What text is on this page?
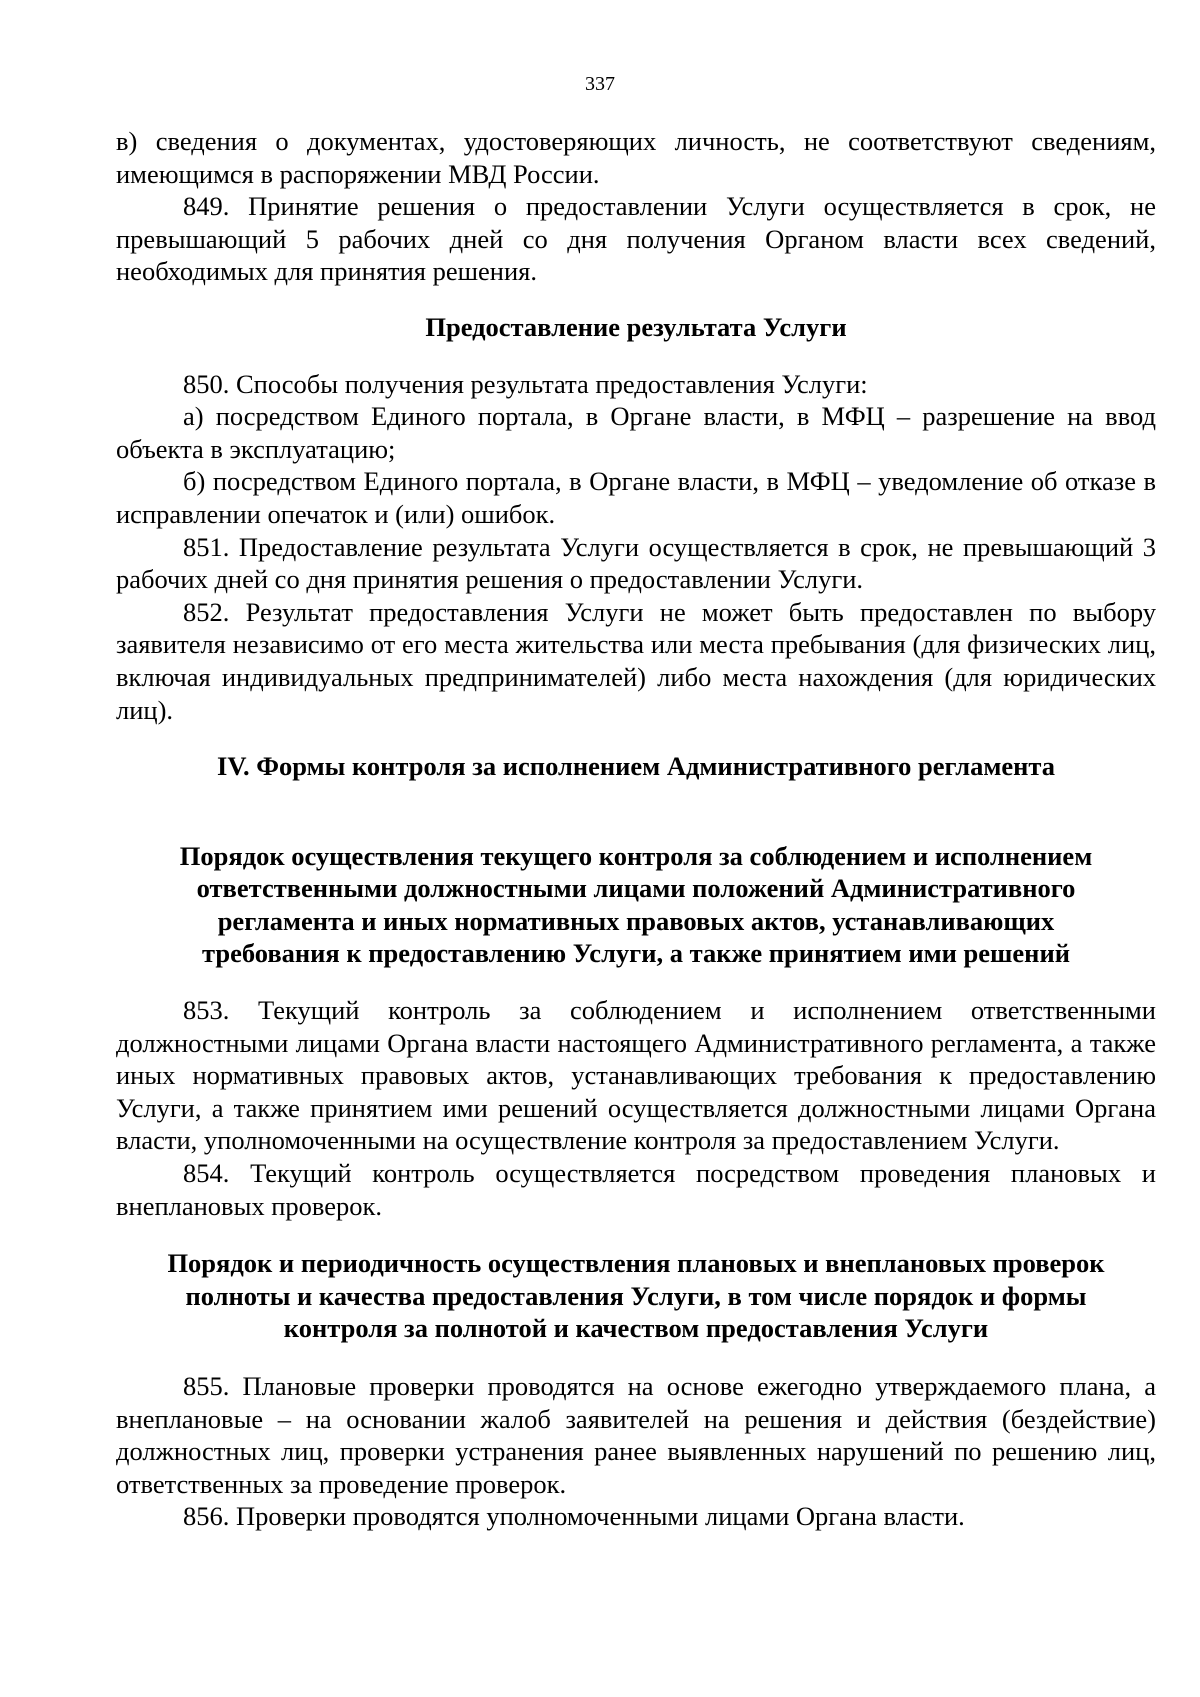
337

в) сведения о документах, удостоверяющих личность, не соответствуют сведениям, имеющимся в распоряжении МВД России.

849. Принятие решения о предоставлении Услуги осуществляется в срок, не превышающий 5 рабочих дней со дня получения Органом власти всех сведений, необходимых для принятия решения.

Предоставление результата Услуги

850. Способы получения результата предоставления Услуги:

а) посредством Единого портала, в Органе власти, в МФЦ – разрешение на ввод объекта в эксплуатацию;

б) посредством Единого портала, в Органе власти, в МФЦ – уведомление об отказе в исправлении опечаток и (или) ошибок.

851. Предоставление результата Услуги осуществляется в срок, не превышающий 3 рабочих дней со дня принятия решения о предоставлении Услуги.

852. Результат предоставления Услуги не может быть предоставлен по выбору заявителя независимо от его места жительства или места пребывания (для физических лиц, включая индивидуальных предпринимателей) либо места нахождения (для юридических лиц).

IV. Формы контроля за исполнением Административного регламента
Порядок осуществления текущего контроля за соблюдением и исполнением
ответственными должностными лицами положений Административного
регламента и иных нормативных правовых актов, устанавливающих
требования к предоставлению Услуги, а также принятием ими решений

853. Текущий контроль за соблюдением и исполнением ответственными должностными лицами Органа власти настоящего Административного регламента, а также иных нормативных правовых актов, устанавливающих требования к предоставлению Услуги, а также принятием ими решений осуществляется должностными лицами Органа власти, уполномоченными на осуществление контроля за предоставлением Услуги.

854. Текущий контроль осуществляется посредством проведения плановых и внеплановых проверок.

Порядок и периодичность осуществления плановых и внеплановых проверок
полноты и качества предоставления Услуги, в том числе порядок и формы
контроля за полнотой и качеством предоставления Услуги

855. Плановые проверки проводятся на основе ежегодно утверждаемого плана, а внеплановые – на основании жалоб заявителей на решения и действия (бездействие) должностных лиц, проверки устранения ранее выявленных нарушений по решению лиц, ответственных за проведение проверок.

856. Проверки проводятся уполномоченными лицами Органа власти.
